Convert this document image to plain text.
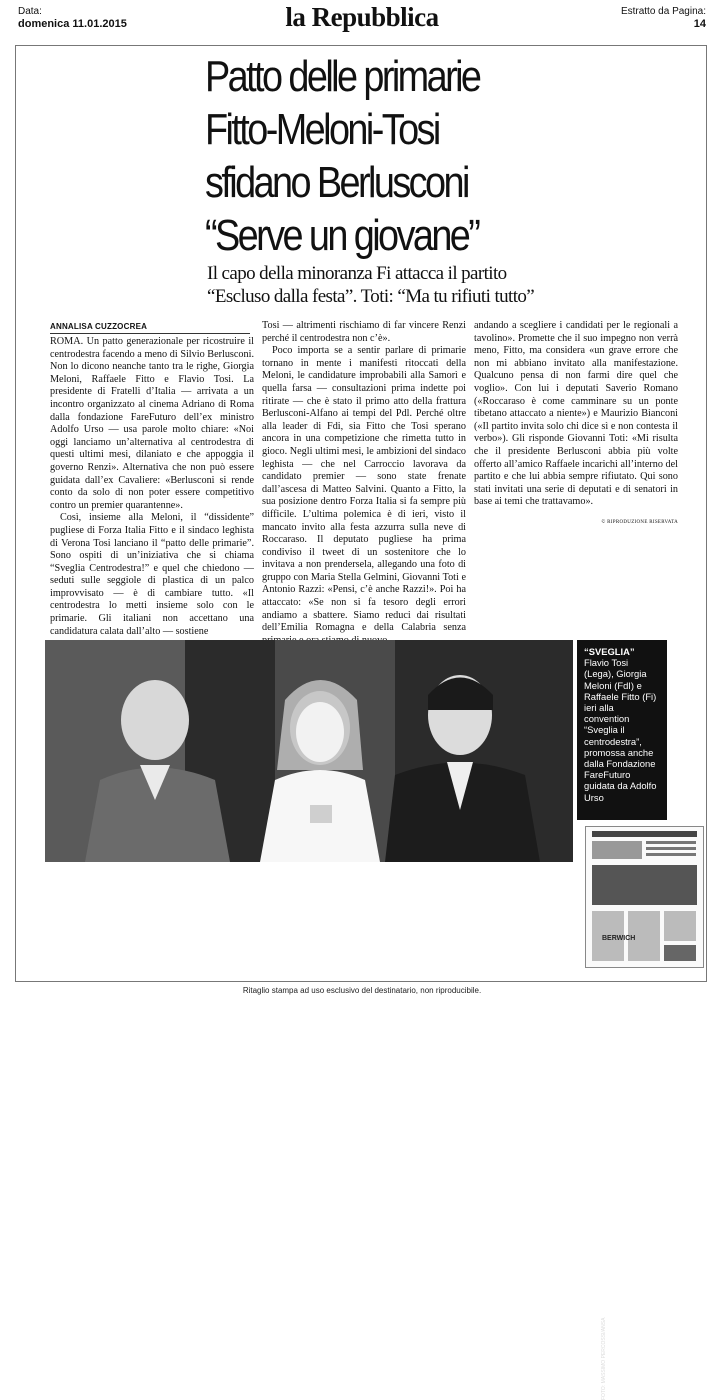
Data:
domenica 11.01.2015	la Repubblica	Estratto da Pagina:
14
Patto delle primarie
Fitto-Meloni-Tosi
sfidano Berlusconi
“Serve un giovane”
Il capo della minoranza Fi attacca il partito
“Escluso dalla festa”. Toti: “Ma tu rifiuti tutto”
ANNALISA CUZZOCREA

ROMA. Un patto generazionale per ricostruire il centrodestra facendo a meno di Silvio Berlusconi. Non lo dicono neanche tanto tra le righe, Giorgia Meloni, Raffaele Fitto e Flavio Tosi. La presidente di Fratelli d’Italia — arrivata a un incontro organizzato al cinema Adriano di Roma dalla fondazione FareFuturo dell’ex ministro Adolfo Urso — usa parole molto chiare: «Noi oggi lanciamo un’alternativa al centrodestra di questi ultimi mesi, dilaniato e che appoggia il governo Renzi». Alternativa che non può essere guidata dall’ex Cavaliere: «Berlusconi si rende conto da solo di non poter essere competitivo contro un premier quarantenne».

Così, insieme alla Meloni, il “dissidente” pugliese di Forza Italia Fitto e il sindaco leghista di Verona Tosi lanciano il “patto delle primarie”. Sono ospiti di un’iniziativa che si chiama “Sveglia Centrodestra!” e quel che chiedono — seduti sulle seggiole di plastica di un palco improvvisato — è di cambiare tutto. «Il centrodestra lo metti insieme solo con le primarie. Gli italiani non accettano una candidatura calata dall’alto — sostiene

Tosi — altrimenti rischiamo di far vincere Renzi perché il centrodestra non c’è».

Poco importa se a sentir parlare di primarie tornano in mente i manifesti ritoccati della Meloni, le candidature improbabili alla Samorì e quella farsa — consultazioni prima indette poi ritirate — che è stato il primo atto della frattura Berlusconi-Alfano ai tempi del Pdl. Perché oltre alla leader di Fdi, sia Fitto che Tosi sperano ancora in una competizione che rimetta tutto in gioco. Negli ultimi mesi, le ambizioni del sindaco leghista — che nel Carroccio lavorava da candidato premier — sono state frenate dall’ascesa di Matteo Salvini. Quanto a Fitto, la sua posizione dentro Forza Italia si fa sempre più difficile. L’ultima polemica è di ieri, visto il mancato invito alla festa azzurra sulla neve di Roccaraso. Il deputato pugliese ha prima condiviso il tweet di un sostenitore che lo invitava a non prendersela, allegando una foto di gruppo con Maria Stella Gelmini, Giovanni Toti e Antonio Razzi: «Pensi, c’è anche Razzi!». Poi ha attaccato: «Se non si fa tesoro degli errori andiamo a sbattere. Siamo reduci dai risultati dell’Emilia Romagna e della Calabria senza

andando a scegliere i candidati per le regionali a tavolino». Promette che il suo impegno non verrà meno, Fitto, ma considera «un grave errore che non mi abbiano invitato alla manifestazione. Qualcuno pensa di non farmi dire quel che voglio». Con lui i deputati Saverio Romano («Roccaraso è come camminare su un ponte tibetano attaccato a niente») e Maurizio Bianconi («Il partito invita solo chi dice sì e non contesta il verbo»). Gli risponde Giovanni Toti: «Mi risulta che il presidente Berlusconi abbia più volte offerto all’amico Raffaele incarichi all’interno del partito e che lui abbia sempre rifiutato. Qui sono stati invitati una serie di deputati e di senatori in base ai temi che trattavamo».

© RIPRODUZIONE RISERVATA
FOTO: MASSIMO PERCOSSI/ANSA
“SVEGLIA”
Flavio Tosi (Lega), Giorgia Meloni (FdI) e Raffaele Fitto (Fi) ieri alla convention “Sveglia il centrodestra”, promossa anche dalla Fondazione FareFuturo guidata da Adolfo Urso
BERWICH
Ritaglio stampa ad uso esclusivo del destinatario, non riproducibile.
